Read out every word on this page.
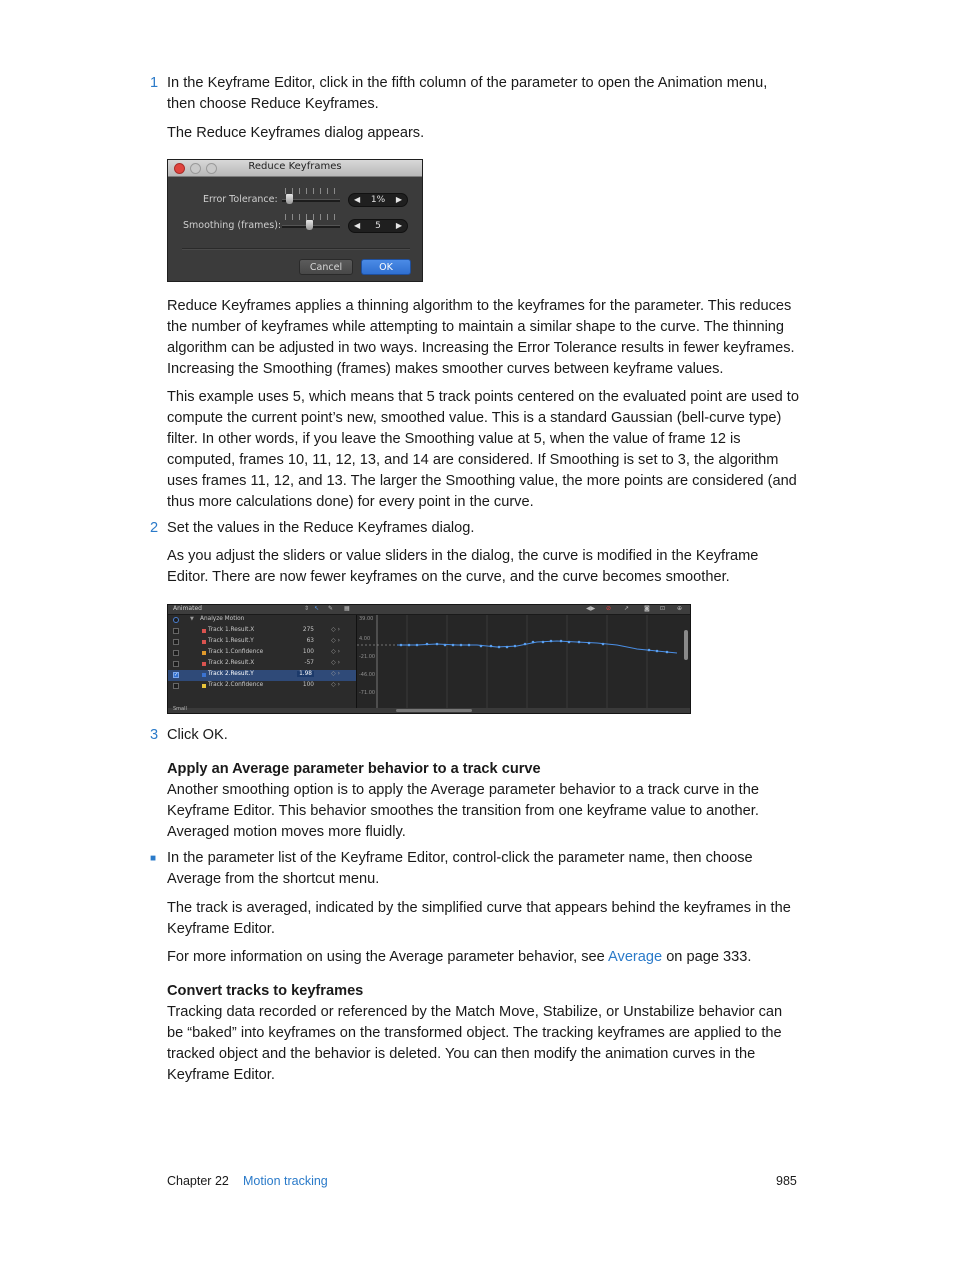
1 In the Keyframe Editor, click in the fifth column of the parameter to open the Animation menu, then choose Reduce Keyframes.

The Reduce Keyframes dialog appears.

Reduce Keyframes
Error Tolerance:	◀	1%	▶
Smoothing (frames):	◀	5	▶
Cancel	OK

Reduce Keyframes applies a thinning algorithm to the keyframes for the parameter. This reduces the number of keyframes while attempting to maintain a similar shape to the curve. The thinning algorithm can be adjusted in two ways. Increasing the Error Tolerance results in fewer keyframes. Increasing the Smoothing (frames) makes smoother curves between keyframe values.

This example uses 5, which means that 5 track points centered on the evaluated point are used to compute the current point’s new, smoothed value. This is a standard Gaussian (bell-curve type) filter. In other words, if you leave the Smoothing value at 5, when the value of frame 12 is computed, frames 10, 11, 12, 13, and 14 are considered. If Smoothing is set to 3, the algorithm uses frames 11, 12, and 13. The larger the Smoothing value, the more points are considered (and thus more calculations done) for every point in the curve.

2 Set the values in the Reduce Keyframes dialog.

As you adjust the sliders or value sliders in the dialog, the curve is modified in the Keyframe Editor. There are now fewer keyframes on the curve, and the curve becomes smoother.

Animated	⇕ ↖ ✎ ▦	◀▶ ⊘ ↗ ◙ ⊡ ⊕
▼ Analyze Motion
Track 1.Result.X	275	◇ ›
Track 1.Result.Y	63	◇ ›
Track 1.Confidence	100	◇ ›
Track 2.Result.X	-57	◇ ›
✓	Track 2.Result.Y	1.98	◇ ›
Track 2.Confidence	100	◇ ›
39.00
4.00
-21.00
-46.00
-71.00
Small
3 Click OK.

Apply an Average parameter behavior to a track curve

Another smoothing option is to apply the Average parameter behavior to a track curve in the Keyframe Editor. This behavior smoothes the transition from one keyframe value to another. Averaged motion moves more fluidly.

■ In the parameter list of the Keyframe Editor, control-click the parameter name, then choose Average from the shortcut menu.

The track is averaged, indicated by the simplified curve that appears behind the keyframes in the Keyframe Editor.

For more information on using the Average parameter behavior, see Average on page 333.

Convert tracks to keyframes

Tracking data recorded or referenced by the Match Move, Stabilize, or Unstabilize behavior can be “baked” into keyframes on the transformed object. The tracking keyframes are applied to the tracked object and the behavior is deleted. You can then modify the animation curves in the Keyframe Editor.

Chapter 22 Motion tracking	985
